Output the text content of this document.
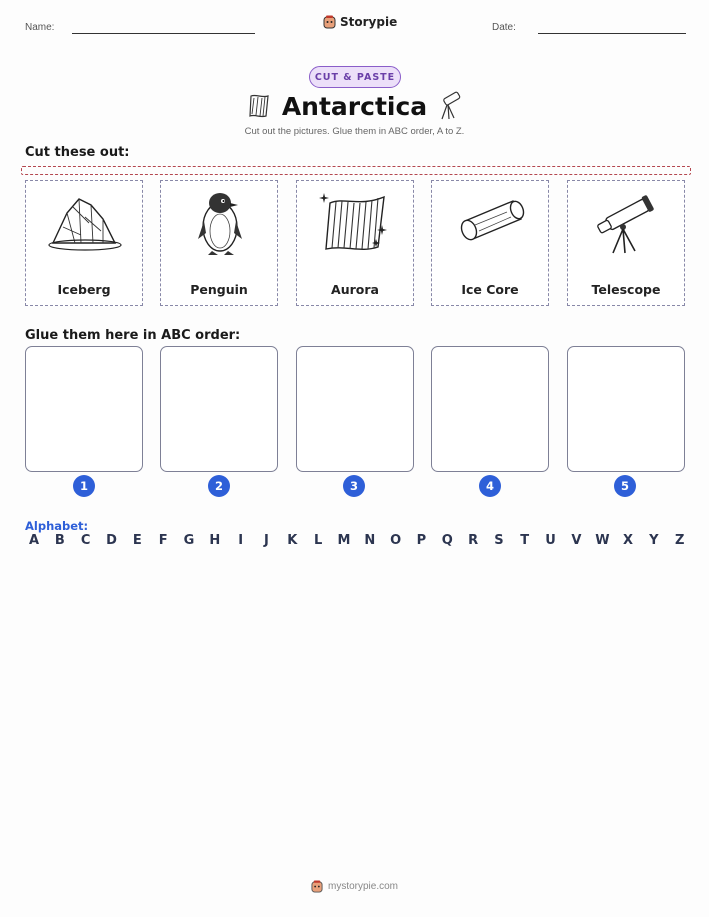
Name:	Storypie	Date:
CUT & PASTE
Antarctica
Cut out the pictures. Glue them in ABC order, A to Z.
Cut these out:
Iceberg	Penguin	Aurora	Ice Core	Telescope
Glue them here in ABC order:
1	2	3	4	5
Alphabet:
A B C D E F G H	I	J	K L M N O P Q R S T U V W X Y Z
mystorypie.com
